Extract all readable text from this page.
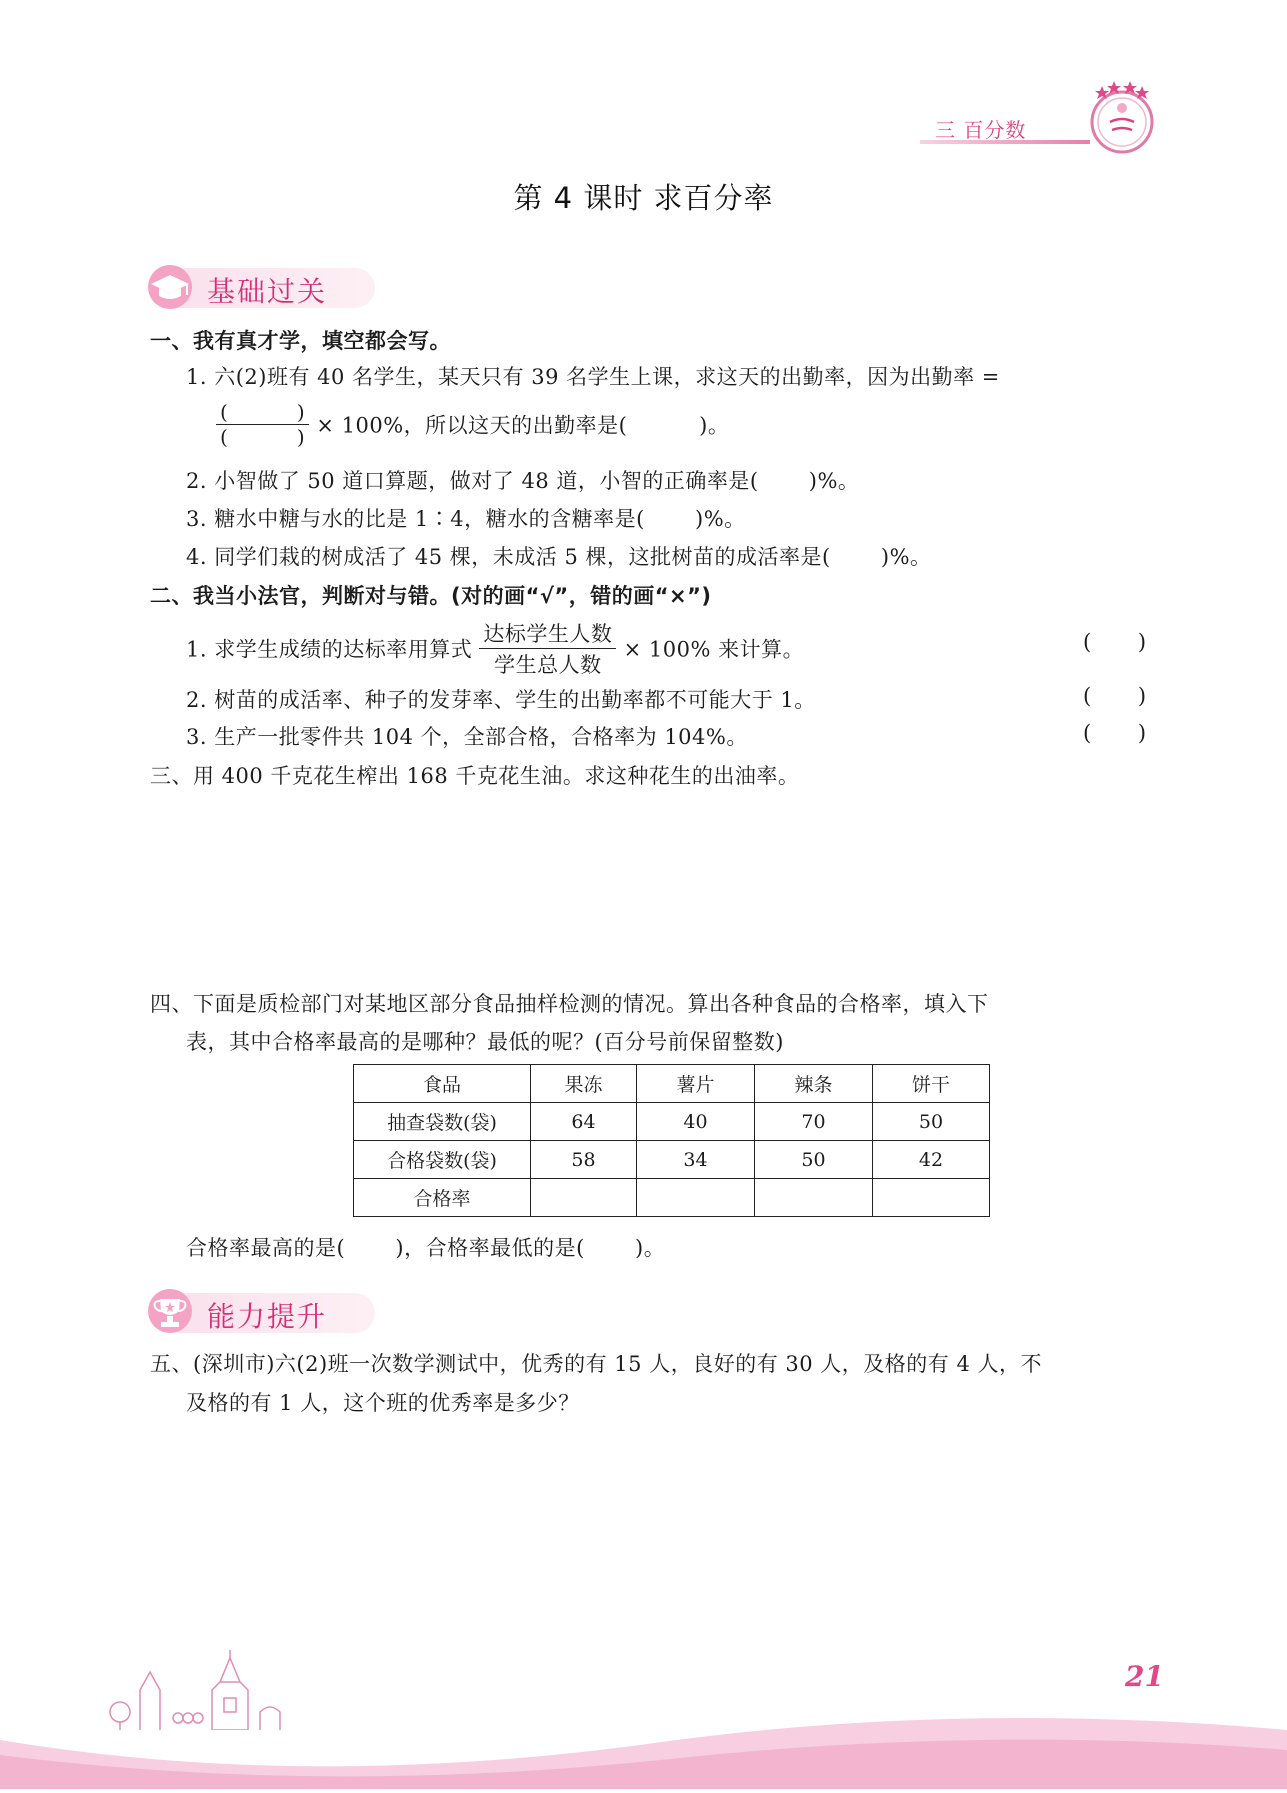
三 百分数
第 4 课时 求百分率
基础过关
一、我有真才学，填空都会写。
1. 六(2)班有 40 名学生，某天只有 39 名学生上课，求这天的出勤率，因为出勤率 =
$\frac{( )}{( )} \times 100\%$，所以这天的出勤率是(          )。
2. 小智做了 50 道口算题，做对了 48 道，小智的正确率是(       )%。
3. 糖水中糖与水的比是 1∶4，糖水的含糖率是(       )%。
4. 同学们栽的树成活了 45 棵，未成活 5 棵，这批树苗的成活率是(       )%。
二、我当小法官，判断对与错。(对的画“√”，错的画“×”)
1. 求学生成绩的达标率用算式 $\frac{\text{达标学生人数}}{\text{学生总人数}} \times 100\%$ 来计算。	(       )
2. 树苗的成活率、种子的发芽率、学生的出勤率都不可能大于 1。	(       )
3. 生产一批零件共 104 个，全部合格，合格率为 104%。	(       )
三、用 400 千克花生榨出 168 千克花生油。求这种花生的出油率。
四、下面是质检部门对某地区部分食品抽样检测的情况。算出各种食品的合格率，填入下
表，其中合格率最高的是哪种？最低的呢？(百分号前保留整数)
食品	果冻	薯片	辣条	饼干
抽查袋数(袋)	64	40	70	50
合格袋数(袋)	58	34	50	42
合格率				
合格率最高的是(       )，合格率最低的是(       )。
能力提升
五、(深圳市)六(2)班一次数学测试中，优秀的有 15 人，良好的有 30 人，及格的有 4 人，不
及格的有 1 人，这个班的优秀率是多少？
21
